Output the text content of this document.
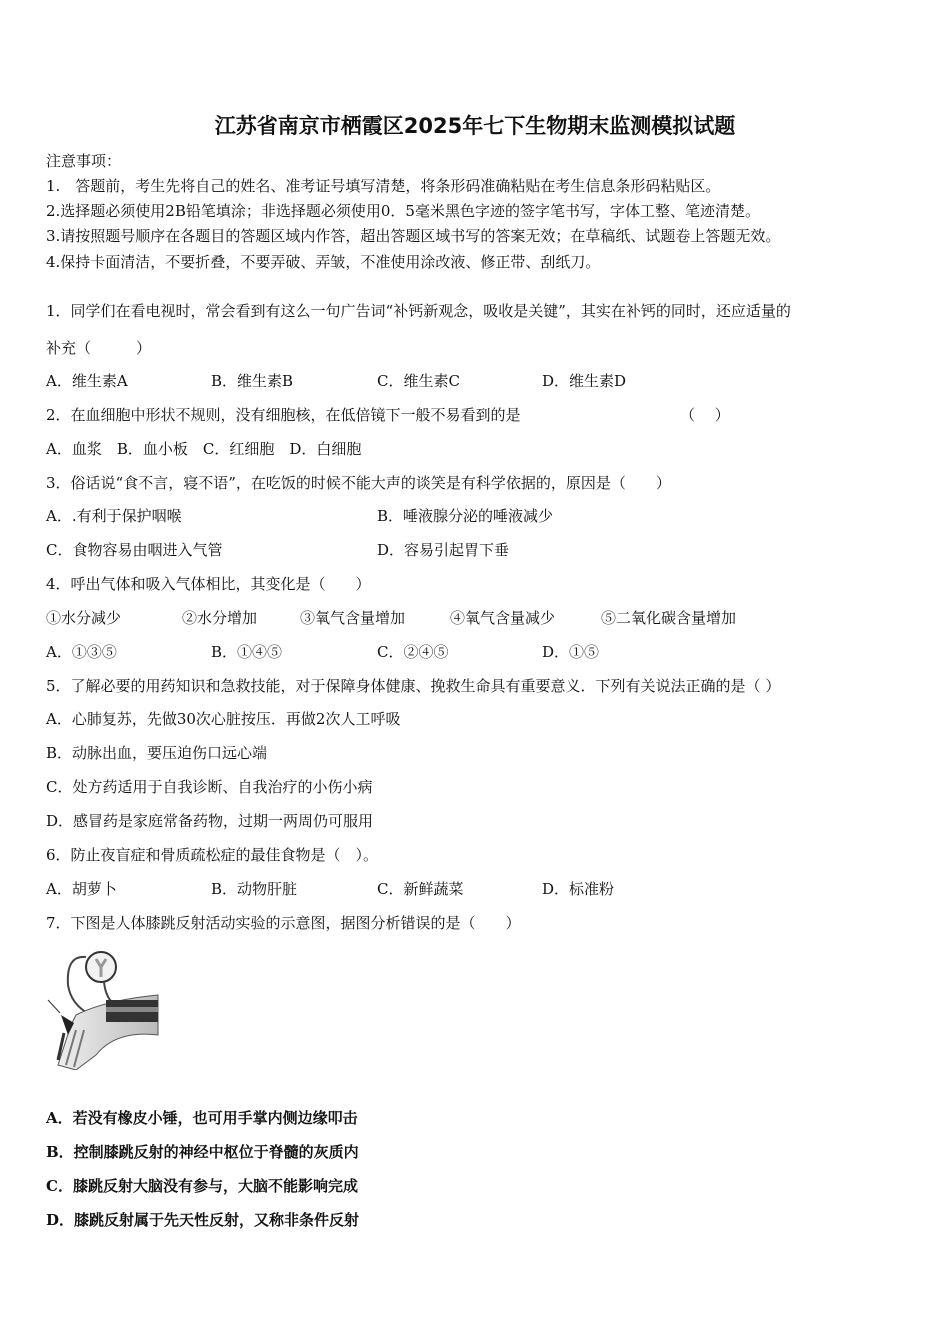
江苏省南京市栖霞区2025年七下生物期末监测模拟试题
注意事项：
1.　答题前，考生先将自己的姓名、准考证号填写清楚，将条形码准确粘贴在考生信息条形码粘贴区。
2.选择题必须使用2B铅笔填涂；非选择题必须使用0．5毫米黑色字迹的签字笔书写，字体工整、笔迹清楚。
3.请按照题号顺序在各题目的答题区域内作答，超出答题区域书写的答案无效；在草稿纸、试题卷上答题无效。
4.保持卡面清洁，不要折叠，不要弄破、弄皱，不准使用涂改液、修正带、刮纸刀。
1．同学们在看电视时，常会看到有这么一句广告词“补钙新观念，吸收是关键”，其实在补钙的同时，还应适量的
补充（　　　）
A．维生素A	B．维生素B	C．维生素C	D．维生素D
2．在血细胞中形状不规则，没有细胞核，在低倍镜下一般不易看到的是	（　 ）
A．血浆　B．血小板　C．红细胞　D．白细胞
3．俗话说“食不言，寝不语”，在吃饭的时候不能大声的谈笑是有科学依据的，原因是（　　）
A．.有利于保护咽喉	B．唾液腺分泌的唾液减少
C．食物容易由咽进入气管	D．容易引起胃下垂
4．呼出气体和吸入气体相比，其变化是（　　）
①水分减少	②水分增加	③氧气含量增加	④氧气含量减少	⑤二氧化碳含量增加
A．①③⑤	B．①④⑤	C．②④⑤	D．①⑤
5．了解必要的用药知识和急救技能，对于保障身体健康、挽救生命具有重要意义．下列有关说法正确的是（ ）
A．心肺复苏，先做30次心脏按压．再做2次人工呼吸
B．动脉出血，要压迫伤口远心端
C．处方药适用于自我诊断、自我治疗的小伤小病
D．感冒药是家庭常备药物，过期一两周仍可服用
6．防止夜盲症和骨质疏松症的最佳食物是（　）。
A．胡萝卜	B．动物肝脏	C．新鲜蔬菜	D．标准粉
7．下图是人体膝跳反射活动实验的示意图，据图分析错误的是（　　）
A．若没有橡皮小锤，也可用手掌内侧边缘叩击
B．控制膝跳反射的神经中枢位于脊髓的灰质内
C．膝跳反射大脑没有参与，大脑不能影响完成
D．膝跳反射属于先天性反射，又称非条件反射
